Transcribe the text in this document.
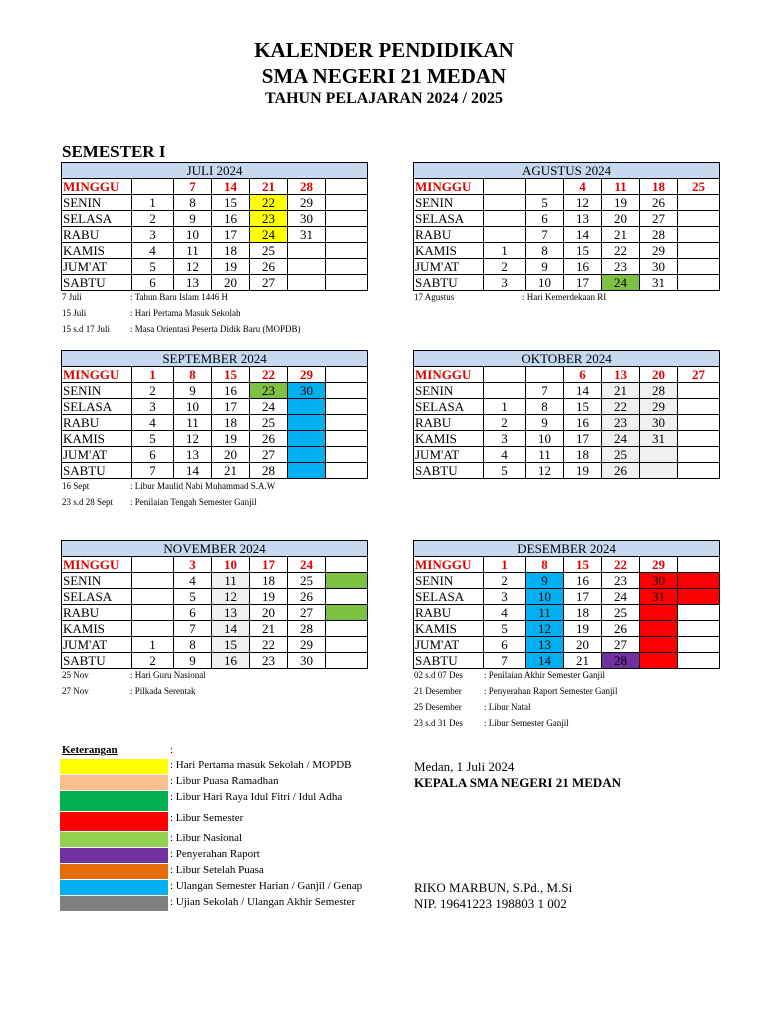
KALENDER PENDIDIKAN
SMA NEGERI 21 MEDAN
TAHUN PELAJARAN 2024 / 2025
SEMESTER I
JULI 2024						
MINGGU		7	14	21	28	
SENIN	1	8	15	22	29	
SELASA	2	9	16	23	30	
RABU	3	10	17	24	31	
KAMIS	4	11	18	25		
JUM'AT	5	12	19	26		
SABTU	6	13	20	27		
AGUSTUS 2024						
MINGGU			4	11	18	25
SENIN		5	12	19	26	
SELASA		6	13	20	27	
RABU		7	14	21	28	
KAMIS	1	8	15	22	29	
JUM'AT	2	9	16	23	30	
SABTU	3	10	17	24	31	
SEPTEMBER 2024						
MINGGU	1	8	15	22	29	
SENIN	2	9	16	23	30	
SELASA	3	10	17	24		
RABU	4	11	18	25		
KAMIS	5	12	19	26		
JUM'AT	6	13	20	27		
SABTU	7	14	21	28		
OKTOBER 2024						
MINGGU			6	13	20	27
SENIN		7	14	21	28	
SELASA	1	8	15	22	29	
RABU	2	9	16	23	30	
KAMIS	3	10	17	24	31	
JUM'AT	4	11	18	25		
SABTU	5	12	19	26		
NOVEMBER 2024						
MINGGU		3	10	17	24	
SENIN		4	11	18	25	
SELASA		5	12	19	26	
RABU		6	13	20	27	
KAMIS		7	14	21	28	
JUM'AT	1	8	15	22	29	
SABTU	2	9	16	23	30	
DESEMBER 2024						
MINGGU	1	8	15	22	29	
SENIN	2	9	16	23	30	
SELASA	3	10	17	24	31	
RABU	4	11	18	25		
KAMIS	5	12	19	26		
JUM'AT	6	13	20	27		
SABTU	7	14	21	28		
7 Juli	: Tahun Baru Islam 1446 H
15 Juli	: Hari Pertama Masuk Sekolah
15 s.d 17 Juli : Masa Orientasi Peserta Didik Baru (MOPDB)
17 Agustus	: Hari Kemerdekaan RI
16 Sept	: Libur Maulid Nabi Muhammad S.A.W
23 s.d 28 Sept : Penilaian Tengah Semester Ganjil
25 Nov	: Hari Guru Nasional
27 Nov	: Pilkada Serentak
02 s.d 07 Des : Penilaian Akhir Semester Ganjil
21 Desember : Penyerahan Raport Semester Ganjil
25 Desember : Libur Natal
23 s.d 31 Des : Libur Semester Ganjil
Keterangan	:
: Hari Pertama masuk Sekolah / MOPDB
: Libur Puasa Ramadhan
: Libur Hari Raya Idul Fitri / Idul Adha
: Libur Semester
: Libur Nasional
: Penyerahan Raport
: Libur Setelah Puasa
: Ulangan Semester Harian / Ganjil / Genap
: Ujian Sekolah / Ulangan Akhir Semester
Medan, 1 Juli 2024
KEPALA SMA NEGERI 21 MEDAN
RIKO MARBUN, S.Pd., M.Si
NIP. 19641223 198803 1 002
